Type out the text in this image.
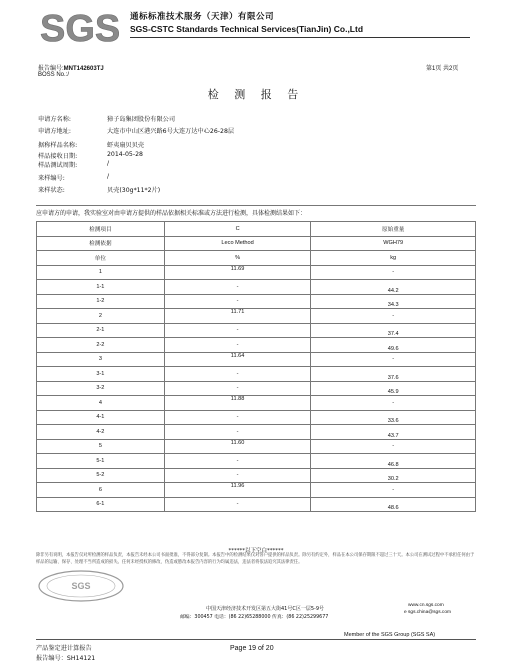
SGS 通标标准技术服务（天津）有限公司
SGS-CSTC Standards Technical Services(TianJin) Co.,Ltd
报告编号:MNT142603TJ
BOSS No.:/
第1页 共2页
检 测 报 告
申请方名称:	獐子岛集团股份有限公司
申请方地址:	大连市中山区港兴路6号大连万达中心26-28层
据称样品名称:	虾夷扇贝贝壳
样品接收日期:	2014-05-28
样品测试周期:	/
来样编号:	/
来样状态:	贝壳(30g*11*2片)
应申请方的申请，我实验室对由申请方提供的样品依据相关标准或方法进行检测，具体检测结果如下：
检测项目	C	原始重量
检测依据	Leco Method	WGH79
单位	%	kg
1	11.69	-
1-1	-	44.2
1-2	-	34.3
2	11.71	-
2-1	-	37.4
2-2	-	49.6
3	11.64	-
3-1	-	37.6
3-2	-	45.9
4	11.88	-
4-1	-	33.6
4-2	-	43.7
5	11.60	-
5-1	-	46.8
5-2	-	30.2
6	11.96	-
6-1	-	48.6
******以下空白******
除非另有说明，本报告仅对所检测的样品负责，本报告未经本公司书面批准，不得部分复制。本报告中的检测结果仅对客户提供的样品负责。除另有约定外，样品在本公司保存期限不超过三十天。本公司在测试过程中不承担任何由于样品的运输、保存、处理不当所造成的损失。任何未经授权的修改、伪造或篡改本报告内容的行为均属违法，违法者将依法追究其法律责任。
SGS
中国天津经济技术开发区第五大街41号C区一层5-9号
邮编：300457 电话：(86 22)65288000 传真：(86 22)25299677
www.cn.sgs.com
e sgs.china@sgs.com
Member of the SGS Group (SGS SA)
产品鉴定进计算报告
报告编号：SH14121
Page 19 of 20
